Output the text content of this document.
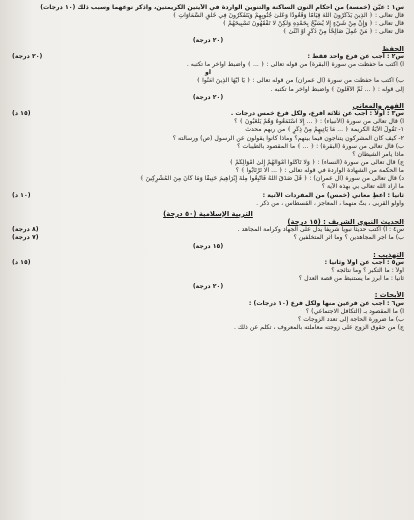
س١ : عيّن (خمسة) من أحكام النون الساكنة والتنوين الواردة في الآيتين الكريمتين، واذكر نوعهما وسبب ذلك (١٠ درجات)
قال تعالى : ﴿ الَّذِينَ يَذْكُرُونَ اللَّهَ قِيَامًا وَقُعُودًا وَعَلَىٰ جُنُوبِهِمْ وَيَتَفَكَّرُونَ فِي خَلْقِ السَّمَاوَاتِ ﴾
قال تعالى : ﴿ وَإِنْ مِنْ شَيْءٍ إِلَّا يُسَبِّحُ بِحَمْدِهِ وَلَٰكِنْ لَا تَفْقَهُونَ تَسْبِيحَهُمْ ﴾
قال تعالى : ﴿ مَنْ عَمِلَ صَالِحًا مِنْ ذَكَرٍ أَوْ أُنْثَىٰ ﴾
(٢٠ درجة)
الحفظ
س٢ : أجب عن فرع واحد فقط :
(٢٠ درجة)
أ) اكتب ما حفظت من سورة (البقرة) من قوله تعالى : ﴿ ... ﴾ واضبط أواخر ما تكتبه .
أو
ب) اكتب ما حفظت من سورة (آل عمران) من قوله تعالى : ﴿ يَا أَيُّهَا الَّذِينَ آمَنُوا ﴾
إلى قوله : ﴿ ... ثُمَّ الْأَقَلُونَ ﴾ واضبط أواخر ما تكتبه .
(٢٠ درجة)
الفهم والمعاني
س٣ : أولاً : أجب عن ثلاثة أفرع، ولكل فرع خمس درجات .
(١٥ د)
أ) قال تعالى من سورة (الأنبياء) : ﴿ ... إِلَّا اسْتَمَعُوهُ وَهُمْ يَلْعَبُونَ ﴾ ؟
١- تَقُولُ الآيَةُ الكريمة ﴿ ... مَا يَأْتِيهِمْ مِنْ ذِكْرٍ ﴾ من ربهم محدث
٢- كيف كان المشركون يتناجون فيما بينهم؟ وماذا كانوا يقولون عن الرسول (ص) ورسالته ؟
ب) قال تعالى من سورة (البقرة) : ﴿ ... ﴾ ما المقصود بالطيبات ؟
ماذا يأمر الشيطان ؟
ج) قال تعالى من سورة (النساء) : ﴿ وَلَا تَأْكُلُوا أَمْوَالَهُمْ إِلَىٰ أَمْوَالِكُمْ ﴾
ما الحكمة من الشهادة الواردة في قوله تعالى : ﴿ ... أَلَّا تَرْتَابُوا ﴾ ؟
د) قال تعالى من سورة (آل عمران) : ﴿ قُلْ صَدَقَ اللَّهُ فَاتَّبِعُوا مِلَّةَ إِبْرَاهِيمَ حَنِيفًا وَمَا كَانَ مِنَ الْمُشْرِكِينَ ﴾
ما أراد الله تعالى بي بهذه الآية ؟
ثانياً : أعطِ معاني (خمس) من المفردات الآتية :
(١٠ د)
وأولو القربى ، بثّ منهما ، المعاجز ، القسطاس ، من ذكر .
التربية الإسلامية (٥٠ درجة)
الحديث النبوي الشريف : (١٥ درجة)
س٤ : أ) اكتب حديثاً نبوياً شريفاً يدل على الجهاد وكرامة المجاهد .
(٨ درجة)
ب) ما أجر المجاهدين ؟ وما أثر المتخلفين ؟
(٧ درجة)
(١٥ درجة)
التهذيب :
س٥ : أجب عن أولاً وثانياً :
(١٥ د)
أولاً : ما التكبر ؟ وما نتائجه ؟
ثانياً : ما أبرز ما يستنبط من قصة العدل ؟
(٢٠ درجة)
الأبحاث :
س٦ : أجب عن فرعين منها ولكل فرع (١٠ درجات) :
أ) ما المقصود بـ (التكافل الاجتماعي) ؟
ب) ما ضرورة الحاجة إلى تعدد الزوجات ؟
ج) من حقوق الزوج على زوجته معاملته بالمعروف ، تكلم عن ذلك .
